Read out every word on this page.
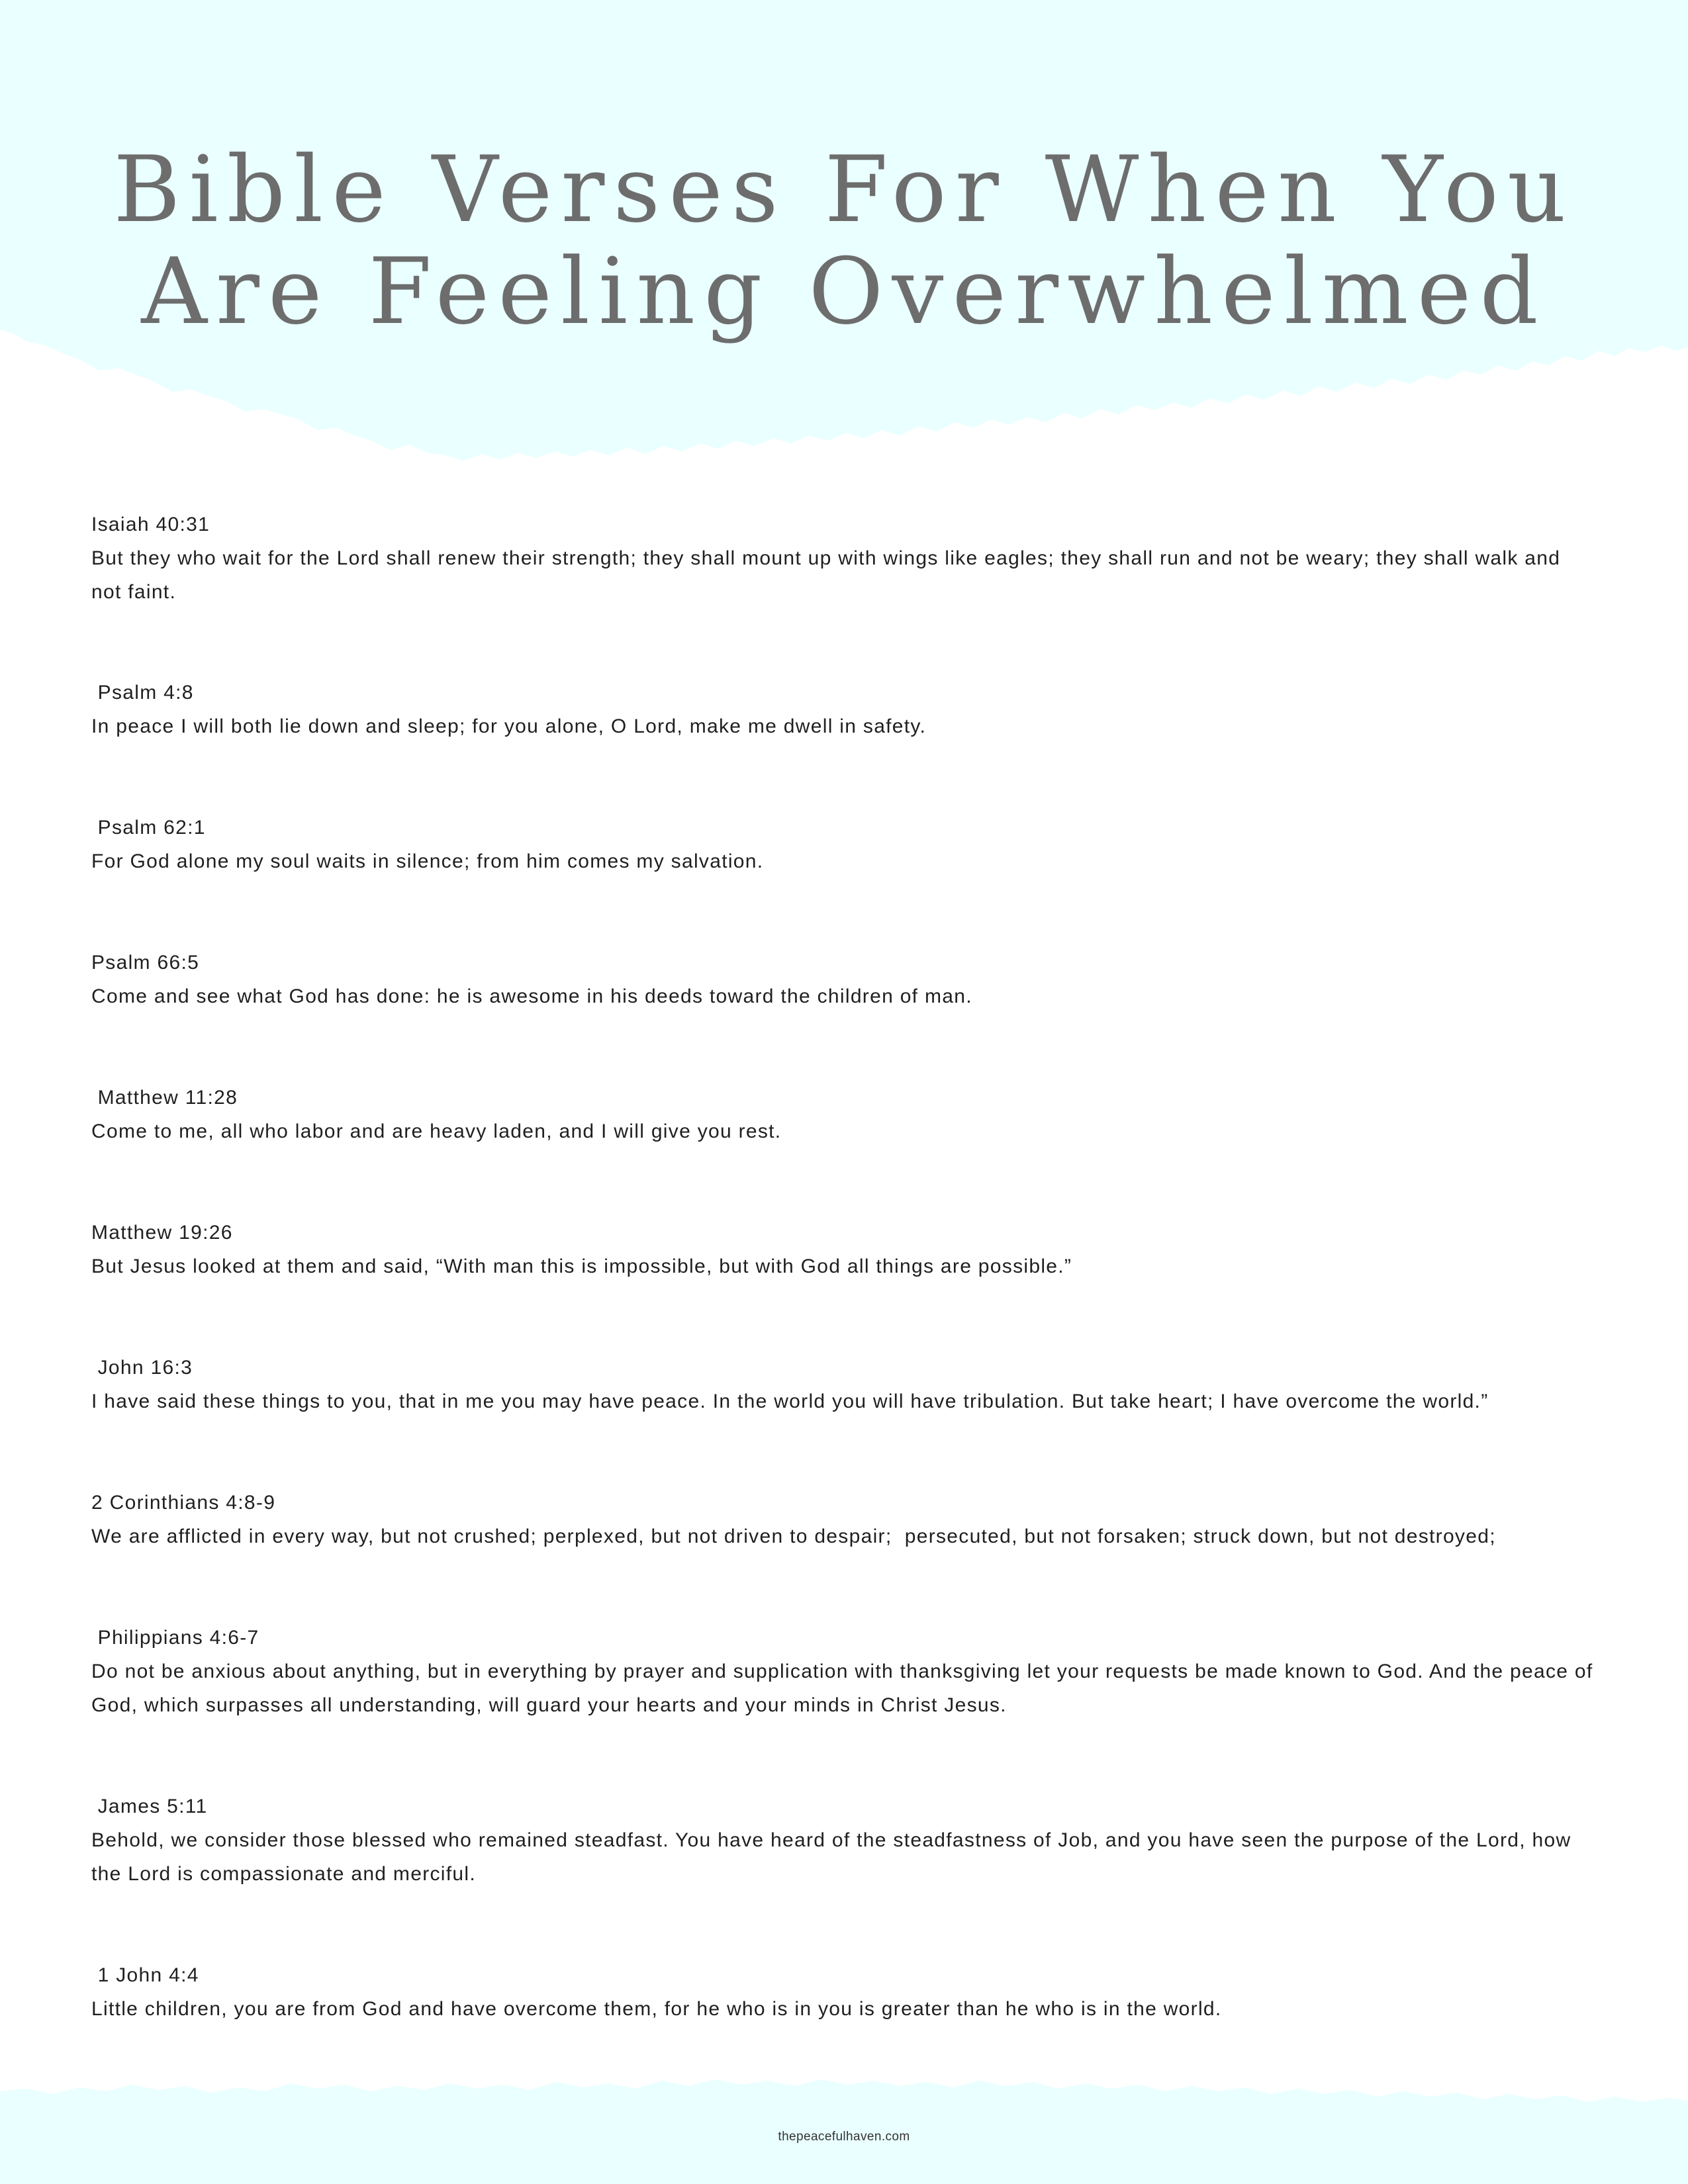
Bible Verses For When You Are Feeling Overwhelmed
Isaiah 40:31
But they who wait for the Lord shall renew their strength; they shall mount up with wings like eagles; they shall run and not be weary; they shall walk and not faint.
Psalm 4:8
In peace I will both lie down and sleep; for you alone, O Lord, make me dwell in safety.
Psalm 62:1
For God alone my soul waits in silence; from him comes my salvation.
Psalm 66:5
Come and see what God has done: he is awesome in his deeds toward the children of man.
Matthew 11:28
Come to me, all who labor and are heavy laden, and I will give you rest.
Matthew 19:26
But Jesus looked at them and said, “With man this is impossible, but with God all things are possible.”
John 16:3
I have said these things to you, that in me you may have peace. In the world you will have tribulation. But take heart; I have overcome the world.”
2 Corinthians 4:8-9
We are afflicted in every way, but not crushed; perplexed, but not driven to despair;  persecuted, but not forsaken; struck down, but not destroyed;
Philippians 4:6-7
Do not be anxious about anything, but in everything by prayer and supplication with thanksgiving let your requests be made known to God. And the peace of God, which surpasses all understanding, will guard your hearts and your minds in Christ Jesus.
James 5:11
Behold, we consider those blessed who remained steadfast. You have heard of the steadfastness of Job, and you have seen the purpose of the Lord, how the Lord is compassionate and merciful.
1 John 4:4
Little children, you are from God and have overcome them, for he who is in you is greater than he who is in the world.
thepeacefulhaven.com
